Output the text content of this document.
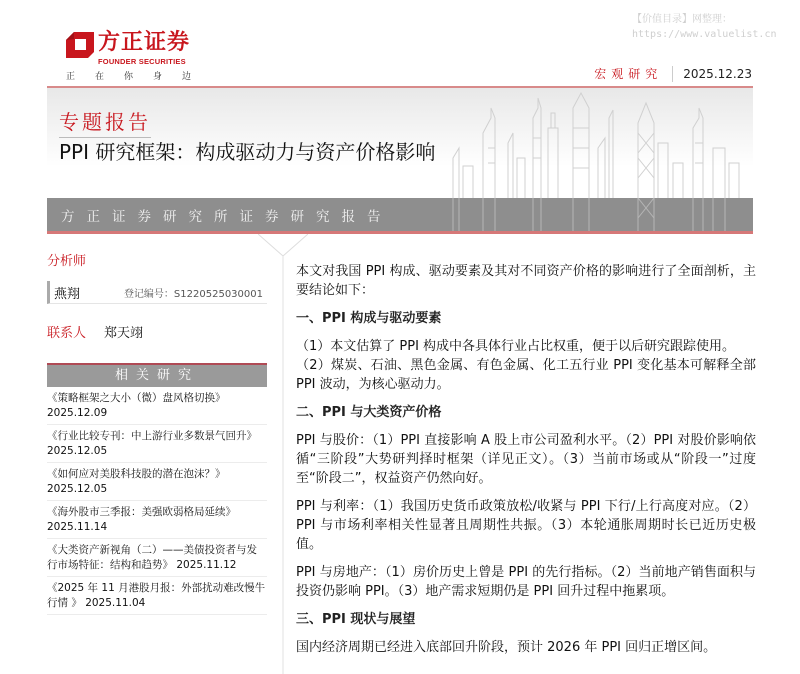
【价值目录】网整理：
https://www.valuelist.cn
方正证券
FOUNDER SECURITIES
正 在 你 身 边	宏观研究	2025.12.23
专题报告
PPI 研究框架：构成驱动力与资产价格影响
方正证券研究所证券研究报告
分析师
燕翔	登记编号：S1220525030001
联系人 郑天翊
相关研究
《策略框架之大小（微）盘风格切换》
2025.12.09
《行业比较专刊：中上游行业多数景气回升》
2025.12.05
《如何应对美股科技股的潜在泡沫？》
2025.12.05
《海外股市三季报：美强欧弱格局延续》
2025.11.14
《大类资产新视角（二）——美债投资者与发行市场特征：结构和趋势》 2025.11.12
《2025 年 11 月港股月报：外部扰动难改慢牛行情 》 2025.11.04

本文对我国 PPI 构成、驱动要素及其对不同资产价格的影响进行了全面剖析，主要结论如下：

一、PPI 构成与驱动要素

（1）本文估算了 PPI 构成中各具体行业占比权重，便于以后研究跟踪使用。

（2）煤炭、石油、黑色金属、有色金属、化工五行业 PPI 变化基本可解释全部 PPI 波动，为核心驱动力。

二、PPI 与大类资产价格

PPI 与股价：（1）PPI 直接影响 A 股上市公司盈利水平。（2）PPI 对股价影响依循“三阶段”大势研判择时框架（详见正文）。（3）当前市场或从“阶段一”过度至“阶段二”，权益资产仍然向好。

PPI 与利率：（1）我国历史货币政策放松/收紧与 PPI 下行/上行高度对应。（2）PPI 与市场利率相关性显著且周期性共振。（3）本轮通胀周期时长已近历史极值。

PPI 与房地产：（1）房价历史上曾是 PPI 的先行指标。（2）当前地产销售面积与投资仍影响 PPI。（3）地产需求短期仍是 PPI 回升过程中拖累项。

三、PPI 现状与展望

国内经济周期已经进入底部回升阶段，预计 2026 年 PPI 回归正增区间。
